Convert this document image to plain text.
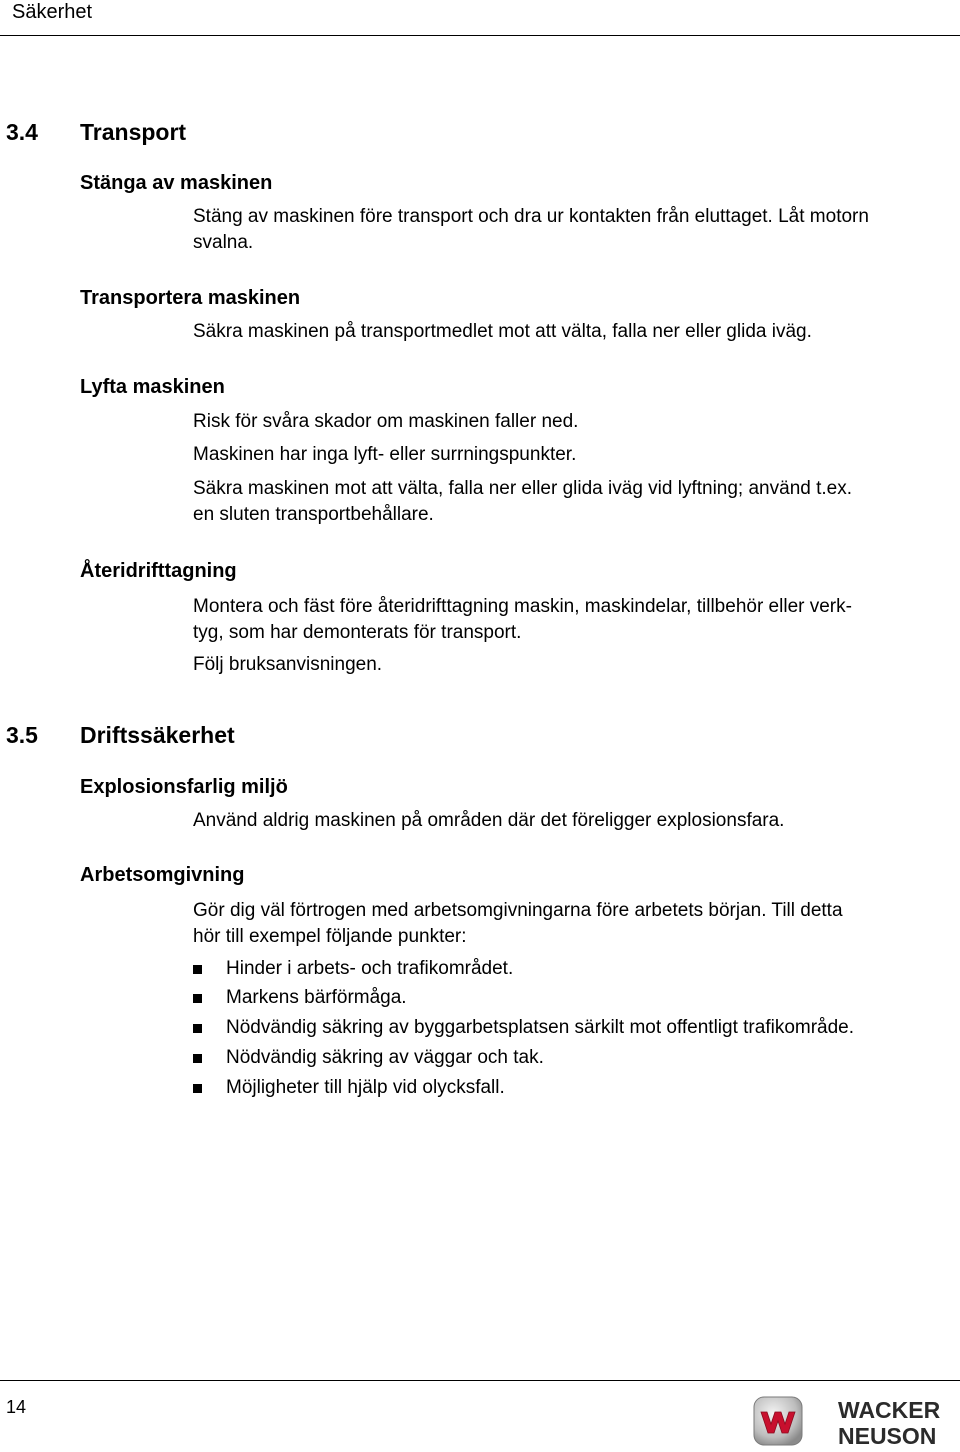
Säkerhet
3.4 Transport
Stänga av maskinen
Stäng av maskinen före transport och dra ur kontakten från eluttaget. Låt motorn
svalna.
Transportera maskinen
Säkra maskinen på transportmedlet mot att välta, falla ner eller glida iväg.
Lyfta maskinen
Risk för svåra skador om maskinen faller ned.
Maskinen har inga lyft- eller surrningspunkter.
Säkra maskinen mot att välta, falla ner eller glida iväg vid lyftning; använd t.ex.
en sluten transportbehållare.
Återidrifttagning
Montera och fäst före återidrifttagning maskin, maskindelar, tillbehör eller verk-
tyg, som har demonterats för transport.
Följ bruksanvisningen.
3.5 Driftssäkerhet
Explosionsfarlig miljö
Använd aldrig maskinen på områden där det föreligger explosionsfara.
Arbetsomgivning
Gör dig väl förtrogen med arbetsomgivningarna före arbetets början. Till detta
hör till exempel följande punkter:
Hinder i arbets- och trafikområdet.
Markens bärförmåga.
Nödvändig säkring av byggarbetsplatsen särkilt mot offentligt trafikområde.
Nödvändig säkring av väggar och tak.
Möjligheter till hjälp vid olycksfall.
14	WACKER
NEUSON
